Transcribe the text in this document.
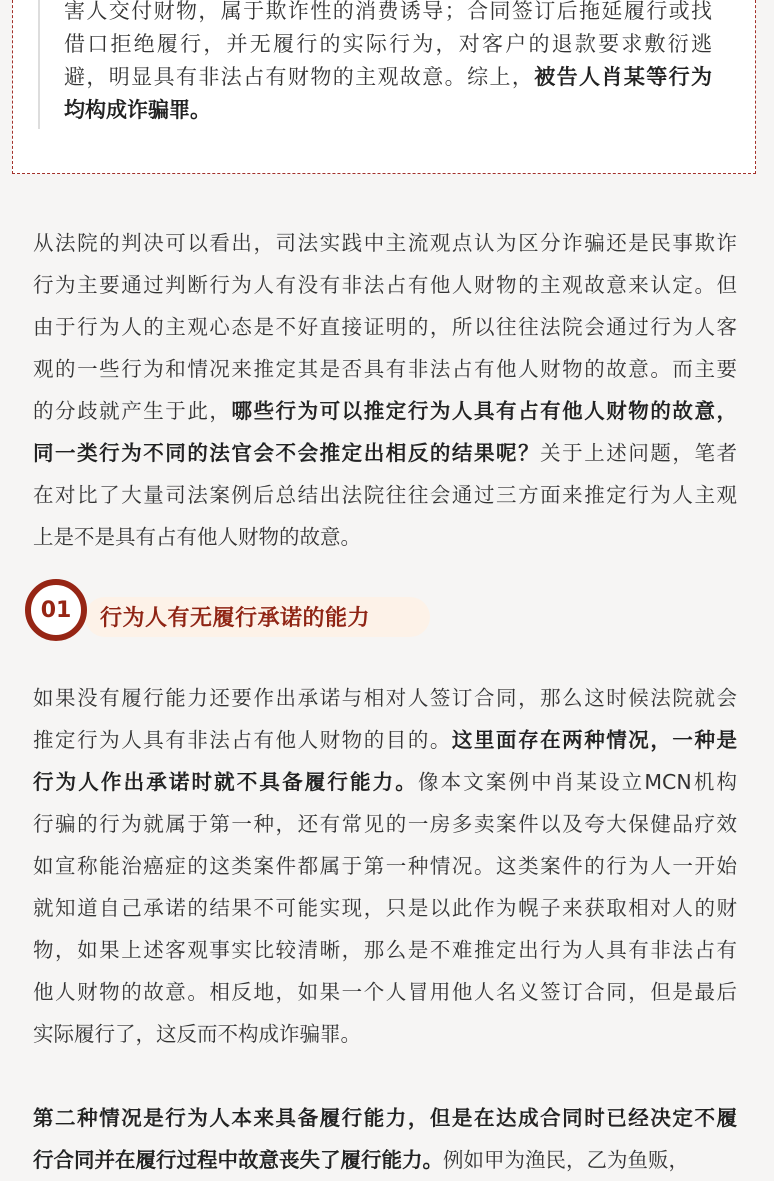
害人交付财物，属于欺诈性的消费诱导；合同签订后拖延履行或找
借口拒绝履行，并无履行的实际行为，对客户的退款要求敷衍逃
避，明显具有非法占有财物的主观故意。综上，被告人肖某等行为
均构成诈骗罪。
从法院的判决可以看出，司法实践中主流观点认为区分诈骗还是民事欺诈
行为主要通过判断行为人有没有非法占有他人财物的主观故意来认定。但
由于行为人的主观心态是不好直接证明的，所以往往法院会通过行为人客
观的一些行为和情况来推定其是否具有非法占有他人财物的故意。而主要
的分歧就产生于此，哪些行为可以推定行为人具有占有他人财物的故意，
同一类行为不同的法官会不会推定出相反的结果呢？关于上述问题，笔者
在对比了大量司法案例后总结出法院往往会通过三方面来推定行为人主观
上是不是具有占有他人财物的故意。
01	行为人有无履行承诺的能力
如果没有履行能力还要作出承诺与相对人签订合同，那么这时候法院就会
推定行为人具有非法占有他人财物的目的。这里面存在两种情况，一种是
行为人作出承诺时就不具备履行能力。像本文案例中肖某设立MCN机构
行骗的行为就属于第一种，还有常见的一房多卖案件以及夸大保健品疗效
如宣称能治癌症的这类案件都属于第一种情况。这类案件的行为人一开始
就知道自己承诺的结果不可能实现，只是以此作为幌子来获取相对人的财
物，如果上述客观事实比较清晰，那么是不难推定出行为人具有非法占有
他人财物的故意。相反地，如果一个人冒用他人名义签订合同，但是最后
实际履行了，这反而不构成诈骗罪。
第二种情况是行为人本来具备履行能力，但是在达成合同时已经决定不履
行合同并在履行过程中故意丧失了履行能力。例如甲为渔民，乙为鱼贩，
